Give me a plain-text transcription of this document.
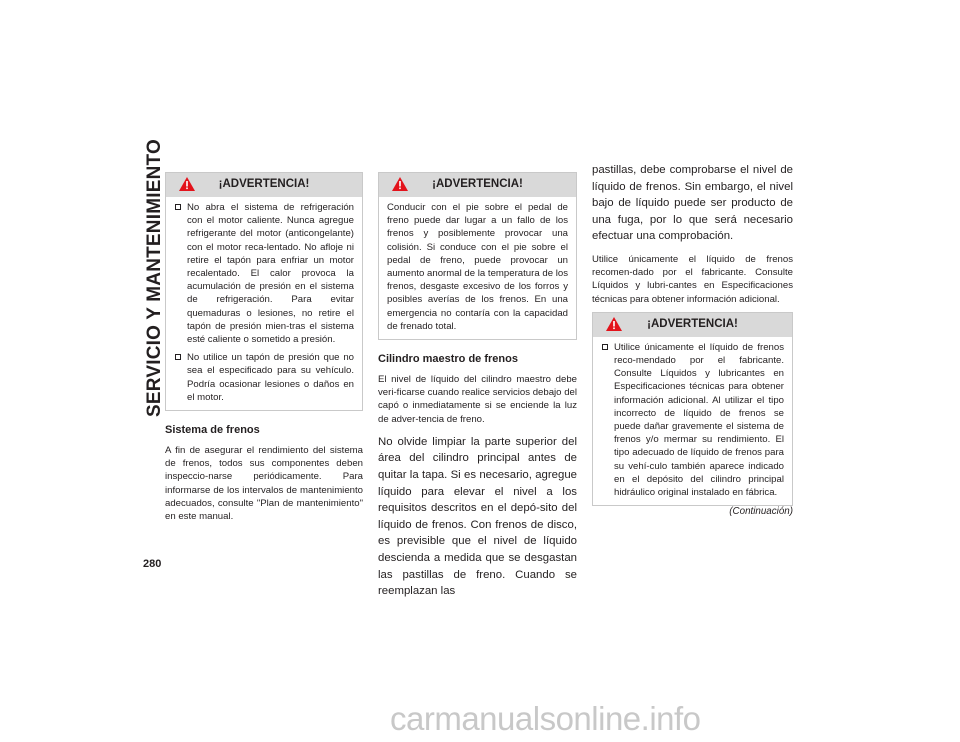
SERVICIO Y MANTENIMIENTO
280
¡ADVERTENCIA!
No abra el sistema de refrigeración con el motor caliente. Nunca agregue refrigerante del motor (anticongelante) con el motor reca-lentado. No afloje ni retire el tapón para enfriar un motor recalentado. El calor provoca la acumulación de presión en el sistema de refrigeración. Para evitar quemaduras o lesiones, no retire el tapón de presión mien-tras el sistema esté caliente o sometido a presión.
No utilice un tapón de presión que no sea el especificado para su vehículo. Podría ocasionar lesiones o daños en el motor.

Sistema de frenos

A fin de asegurar el rendimiento del sistema de frenos, todos sus componentes deben inspeccio-narse periódicamente. Para informarse de los intervalos de mantenimiento adecuados, consulte "Plan de mantenimiento" en este manual.

¡ADVERTENCIA!
Conducir con el pie sobre el pedal de freno puede dar lugar a un fallo de los frenos y posiblemente provocar una colisión. Si conduce con el pie sobre el pedal de freno, puede provocar un aumento anormal de la temperatura de los frenos, desgaste excesivo de los forros y posibles averías de los frenos. En una emergencia no contaría con la capacidad de frenado total.

Cilindro maestro de frenos

El nivel de líquido del cilindro maestro debe veri-ficarse cuando realice servicios debajo del capó o inmediatamente si se enciende la luz de adver-tencia de freno.

No olvide limpiar la parte superior del área del cilindro principal antes de quitar la tapa. Si es necesario, agregue líquido para elevar el nivel a los requisitos descritos en el depó-sito del líquido de frenos. Con frenos de disco, es previsible que el nivel de líquido descienda a medida que se desgastan las pastillas de freno. Cuando se reemplazan las

pastillas, debe comprobarse el nivel de líquido de frenos. Sin embargo, el nivel bajo de líquido puede ser producto de una fuga, por lo que será necesario efectuar una comprobación.

Utilice únicamente el líquido de frenos recomen-dado por el fabricante. Consulte Líquidos y lubri-cantes en Especificaciones técnicas para obtener información adicional.

¡ADVERTENCIA!
Utilice únicamente el líquido de frenos reco-mendado por el fabricante. Consulte Líquidos y lubricantes en Especificaciones técnicas para obtener información adicional. Al utilizar el tipo incorrecto de líquido de frenos se puede dañar gravemente el sistema de frenos y/o mermar su rendimiento. El tipo adecuado de líquido de frenos para su vehí-culo también aparece indicado en el depósito del cilindro principal hidráulico original instalado en fábrica.
(Continuación)
carmanualsonline.info
